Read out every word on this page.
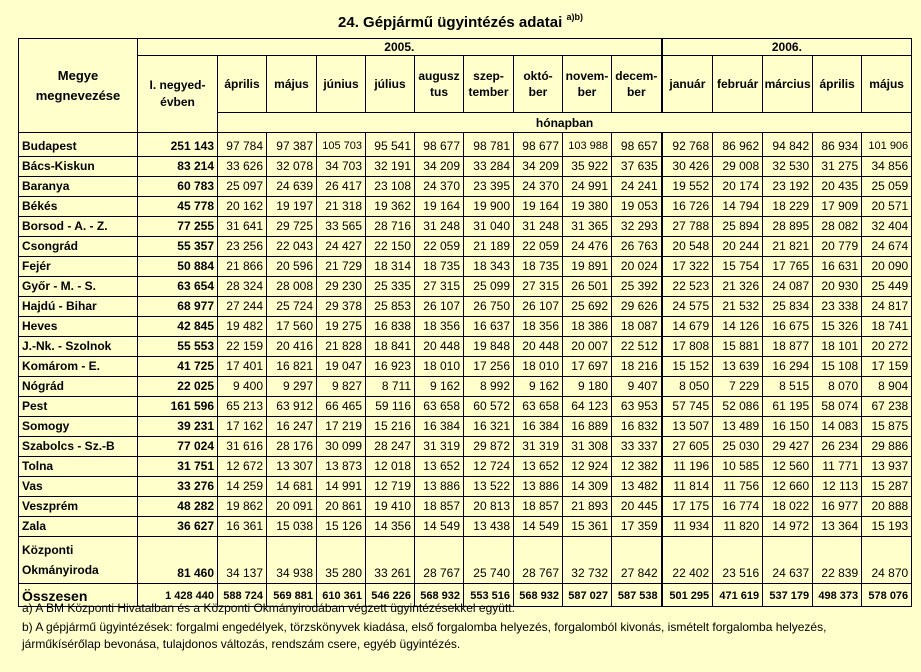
24. Gépjármű ügyintézés adatai $^{a)b)}$
Megye megnevezése	2005.										2006.				
	I. negyed-évben	április	május	június	július	augusz tus	szep- tember	októ- ber	novem- ber	decem- ber	január	február	március	április	május
		hónapban													
Budapest	251 143	97 784	97 387	105 703	95 541	98 677	98 781	98 677	103 988	98 657	92 768	86 962	94 842	86 934	101 906
Bács-Kiskun	83 214	33 626	32 078	34 703	32 191	34 209	33 284	34 209	35 922	37 635	30 426	29 008	32 530	31 275	34 856
Baranya	60 783	25 097	24 639	26 417	23 108	24 370	23 395	24 370	24 991	24 241	19 552	20 174	23 192	20 435	25 059
Békés	45 778	20 162	19 197	21 318	19 362	19 164	19 900	19 164	19 380	19 053	16 726	14 794	18 229	17 909	20 571
Borsod - A. - Z.	77 255	31 641	29 725	33 565	28 716	31 248	31 040	31 248	31 365	32 293	27 788	25 894	28 895	28 082	32 404
Csongrád	55 357	23 256	22 043	24 427	22 150	22 059	21 189	22 059	24 476	26 763	20 548	20 244	21 821	20 779	24 674
Fejér	50 884	21 866	20 596	21 729	18 314	18 735	18 343	18 735	19 891	20 024	17 322	15 754	17 765	16 631	20 090
Győr - M. - S.	63 654	28 324	28 008	29 230	25 335	27 315	25 099	27 315	26 501	25 392	22 523	21 326	24 087	20 930	25 449
Hajdú - Bihar	68 977	27 244	25 724	29 378	25 853	26 107	26 750	26 107	25 692	29 626	24 575	21 532	25 834	23 338	24 817
Heves	42 845	19 482	17 560	19 275	16 838	18 356	16 637	18 356	18 386	18 087	14 679	14 126	16 675	15 326	18 741
J.-Nk. - Szolnok	55 553	22 159	20 416	21 828	18 841	20 448	19 848	20 448	20 007	22 512	17 808	15 881	18 877	18 101	20 272
Komárom - E.	41 725	17 401	16 821	19 047	16 923	18 010	17 256	18 010	17 697	18 216	15 152	13 639	16 294	15 108	17 159
Nógrád	22 025	9 400	9 297	9 827	8 711	9 162	8 992	9 162	9 180	9 407	8 050	7 229	8 515	8 070	8 904
Pest	161 596	65 213	63 912	66 465	59 116	63 658	60 572	63 658	64 123	63 953	57 745	52 086	61 195	58 074	67 238
Somogy	39 231	17 162	16 247	17 219	15 216	16 384	16 321	16 384	16 889	16 832	13 507	13 489	16 150	14 083	15 875
Szabolcs - Sz.-B	77 024	31 616	28 176	30 099	28 247	31 319	29 872	31 319	31 308	33 337	27 605	25 030	29 427	26 234	29 886
Tolna	31 751	12 672	13 307	13 873	12 018	13 652	12 724	13 652	12 924	12 382	11 196	10 585	12 560	11 771	13 937
Vas	33 276	14 259	14 681	14 991	12 719	13 886	13 522	13 886	14 309	13 482	11 814	11 756	12 660	12 113	15 287
Veszprém	48 282	19 862	20 091	20 861	19 410	18 857	20 813	18 857	21 893	20 445	17 175	16 774	18 022	16 977	20 888
Zala	36 627	16 361	15 038	15 126	14 356	14 549	13 438	14 549	15 361	17 359	11 934	11 820	14 972	13 364	15 193

Központi
Okmányiroda	81 460	34 137	34 938	35 280	33 261	28 767	25 740	28 767	32 732	27 842	22 402	23 516	24 637	22 839	24 870
Összesen	1 428 440	588 724	569 881	610 361	546 226	568 932	553 516	568 932	587 027	587 538	501 295	471 619	537 179	498 373	578 076
a) A BM Központi Hivatalban és a Központi Okmányirodában végzett ügyintézésekkel együtt.
b) A gépjármű ügyintézések: forgalmi engedélyek, törzskönyvek kiadása, első forgalomba helyezés, forgalomból kivonás, ismételt forgalomba helyezés, járműkísérőlap bevonása, tulajdonos változás, rendszám csere, egyéb ügyintézés.
